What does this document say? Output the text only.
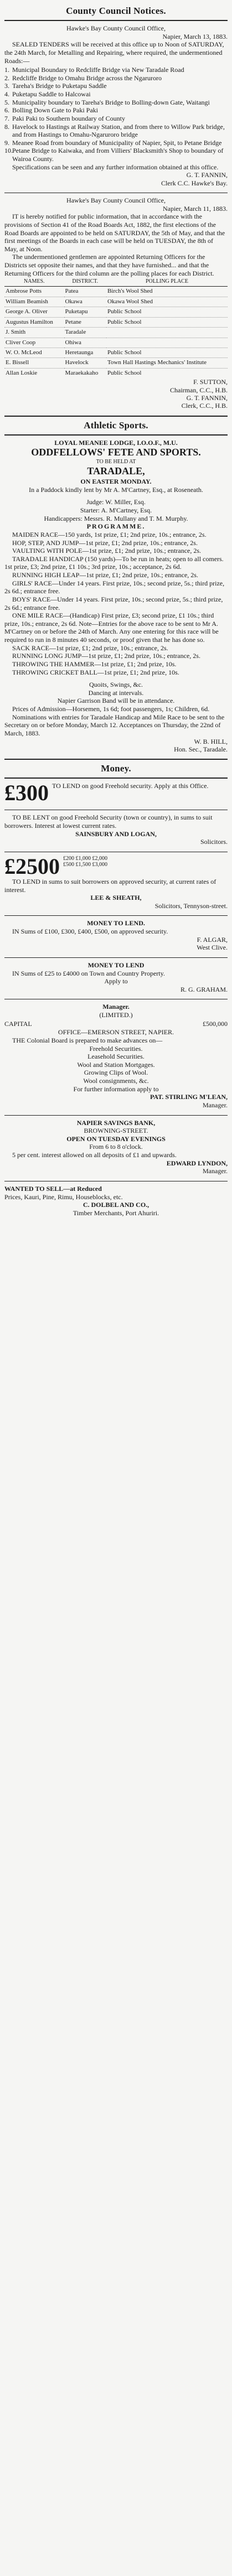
County Council Notices.
Hawke's Bay County Council Office,
Napier, March 13, 1883.
SEALED TENDERS will be received at this office up to Noon of SATURDAY, the 24th March, for Metalling and Repairing, where required, the undermentioned Roads:—
1. Municipal Boundary to Redcliffe Bridge via New Taradale Road
2. Redcliffe Bridge to Omahu Bridge across the Ngaruroro
3. Tareha's Bridge to Puketapu Saddle
4. Puketapu Saddle to Halcowai
5. Municipality boundary to Tareha's Bridge to Bolling-down Gate, Waitangi
6. Bolling Down Gate to Paki Paki
7. Paki Paki to Southern boundary of County
8. Havelock to Hastings at Railway Station, and from there to Willow Park bridge, and from Hastings to Omahu-Ngaruroro bridge
9. Meanee Road from boundary of Municipality of Napier, Spit, to Petane Bridge
10.Petane Bridge to Kaiwaka, and from Villiers' Blacksmith's Shop to boundary of Wairoa County.
Specifications can be seen and any further information obtained at this office.
G. T. FANNIN,
Clerk C.C. Hawke's Bay.
Hawke's Bay County Council Office,
Napier, March 11, 1883.
IT is hereby notified for public information, that in accordance with the provisions of Section 41 of the Road Boards Act, 1882, the first elections of the Road Boards are appointed to be held on SATURDAY, the 5th of May, and that the first meetings of the Boards in each case will be held on TUESDAY, the 8th of May, at Noon.
The undermentioned gentlemen are appointed Returning Officers for the Districts set opposite their names, and that they have furnished... and that the Returning Officers for the third column are the polling places for each District.
NAMES.	DISTRICT.	POLLING PLACE
Ambrose Potts	Patea	Birch's Wool Shed
William Beamish	Okawa	Okawa Wool Shed
George A. Oliver	Puketapu	Public School
Augustus Hamilton	Petane	Public School
J. Smith	Taradale	
Cliver Coop	Ohiwa	
W. O. McLeod	Heretaunga	Public School
E. Bissell	Havelock	Town Hall Hastings Mechanics' Institute
Allan Loskie	Maraekakaho	Public School
F. SUTTON,
Chairman, C.C., H.B.
G. T. FANNIN,
Clerk, C.C., H.B.
Athletic Sports.
LOYAL MEANEE LODGE, I.O.O.F., M.U.
ODDFELLOWS' FETE AND SPORTS.
TO BE HELD AT
TARADALE,
ON EASTER MONDAY.
In a Paddock kindly lent by Mr A. M'Cartney, Esq., at Roseneath.
Judge: W. Miller, Esq.
Starter: A. M'Cartney, Esq.
Handicappers: Messrs. R. Mullany and T. M. Murphy.
PROGRAMME.
MAIDEN RACE—150 yards, 1st prize, £1; 2nd prize, 10s.; entrance, 2s.
HOP, STEP, AND JUMP—1st prize, £1; 2nd prize, 10s.; entrance, 2s.
VAULTING WITH POLE—1st prize, £1; 2nd prize, 10s.; entrance, 2s.
TARADALE HANDICAP (150 yards)—To be run in heats; open to all comers. 1st prize, £3; 2nd prize, £1 10s.; 3rd prize, 10s.; acceptance, 2s 6d.
RUNNING HIGH LEAP—1st prize, £1; 2nd prize, 10s.; entrance, 2s.
GIRLS' RACE—Under 14 years. First prize, 10s.; second prize, 5s.; third prize, 2s 6d.; entrance free.
BOYS' RACE—Under 14 years. First prize, 10s.; second prize, 5s.; third prize, 2s 6d.; entrance free.
ONE MILE RACE—(Handicap) First prize, £3; second prize, £1 10s.; third prize, 10s.; entrance, 2s 6d. Note—Entries for the above race to be sent to Mr A. M'Cartney on or before the 24th of March. Any one entering for this race will be required to run in 8 minutes 40 seconds, or proof given that he has done so.
SACK RACE—1st prize, £1; 2nd prize, 10s.; entrance, 2s.
RUNNING LONG JUMP—1st prize, £1; 2nd prize, 10s.; entrance, 2s.
THROWING THE HAMMER—1st prize, £1; 2nd prize, 10s.
THROWING CRICKET BALL—1st prize, £1; 2nd prize, 10s.
Quoits, Swings, &c.
Dancing at intervals.
Napier Garrison Band will be in attendance.
Prices of Admission—Horsemen, 1s 6d; foot passengers, 1s; Children, 6d.
Nominations with entries for Taradale Handicap and Mile Race to be sent to the Secretary on or before Monday, March 12. Acceptances on Thursday, the 22nd of March, 1883.
W. B. HILL,
Hon. Sec., Taradale.
Money.
£300 TO LEND on good Freehold security. Apply at this Office.
TO BE LENT on good Freehold Security (town or country), in sums to suit borrowers. Interest at lowest current rates.
SAINSBURY AND LOGAN,
Solicitors.
£2500 £200 £1,000 £2,000
£500 £1,500 £3,000
TO LEND in sums to suit borrowers on approved security, at current rates of interest.
LEE & SHEATH,
Solicitors, Tennyson-street.
MONEY TO LEND.
IN Sums of £100, £300, £400, £500, on approved security.
F. ALGAR,
West Clive.
MONEY TO LEND
IN Sums of £25 to £4000 on Town and Country Property.
Apply to
R. G. GRAHAM.
Manager.
(LIMITED.)
CAPITAL	£500,000
OFFICE—EMERSON STREET, NAPIER.
THE Colonial Board is prepared to make advances on—
Freehold Securities.
Leasehold Securities.
Wool and Station Mortgages.
Growing Clips of Wool.
Wool consignments, &c.
For further information apply to
PAT. STIRLING M'LEAN,
Manager.
NAPIER SAVINGS BANK,
BROWNING-STREET.
OPEN ON TUESDAY EVENINGS
From 6 to 8 o'clock.
5 per cent. interest allowed on all deposits of £1 and upwards.
EDWARD LYNDON,
Manager.
WANTED TO SELL—at Reduced
Prices, Kauri, Pine, Rimu, Houseblocks, etc.
C. DOLBEL AND CO.,
Timber Merchants, Port Ahuriri.
